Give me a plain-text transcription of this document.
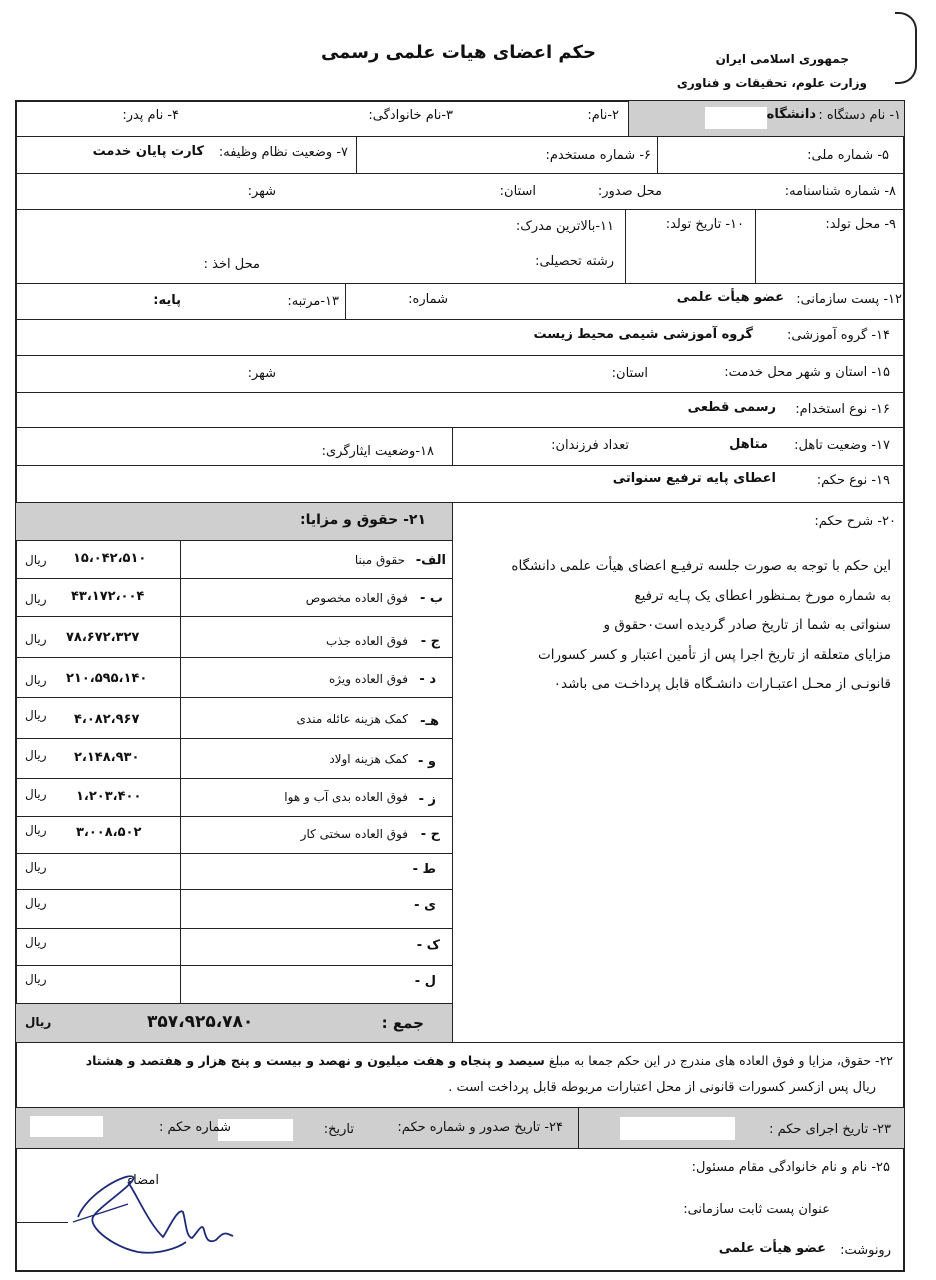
حکم اعضای هیات علمی رسمی	جمهوری اسلامی ایران
وزارت علوم، تحقیقات و فناوری
۱- نام دستگاه :
دانشگاه
۲-نام:
۳-نام خانوادگی:
۴- نام پدر:
۵- شماره ملی:
۶- شماره مستخدم:
۷- وضعیت نظام وظیفه:
کارت پایان خدمت
۸- شماره شناسنامه:
محل صدور:
استان:
شهر:
۹- محل تولد:
۱۰- تاریخ تولد:
۱۱-بالاترین مدرک:
رشته تحصیلی:
محل اخذ :
۱۲- پست سازمانی:
عضو هیأت علمی
شماره:
۱۳-مرتبه:
پایه:
۱۴- گروه آموزشی:
گروه آموزشی شیمی محیط زیست
۱۵- استان و شهر محل خدمت:
استان:
شهر:
۱۶- نوع استخدام:
رسمی قطعی
۱۷- وضعیت تاهل:
متاهل
تعداد فرزندان:
۱۸-وضعیت ایثارگری:
۱۹- نوع حکم:
اعطای پایه ترفیع سنواتی
۲۰- شرح حکم:
این حکم با توجه به صورت جلسه ترفیـع اعضای هیأت علمی دانشگاه
به شماره مورخ بمـنظور اعطای یک پـایه ترفیع
سنواتی به شما از تاریخ صادر گردیده است٠حقوق و
مزایای متعلقه از تاریخ اجرا پس از تأمین اعتبار و کسر کسورات
قانونـی از محـل اعتبـارات دانشـگاه قابل پرداخـت می باشد٠
۲۱- حقوق و مزایا:
الف-
حقوق مبنا
۱۵،۰۴۲،۵۱۰
ریال
ب -
فوق العاده مخصوص
۴۳،۱۷۲،۰۰۴
ریال
ج -
فوق العاده جذب
۷۸،۶۷۲،۳۲۷
ریال
د -
فوق العاده ویژه
۲۱۰،۵۹۵،۱۴۰
ریال
هـ-
کمک هزینه عائله مندی
۴،۰۸۲،۹۶۷
ریال
و -
کمک هزینه اولاد
۲،۱۴۸،۹۳۰
ریال
ز -
فوق العاده بدی آب و هوا
۱،۲۰۳،۴۰۰
ریال
ح -
فوق العاده سختی کار
۳،۰۰۸،۵۰۲
ریال
ط -
ریال
ی -
ریال
ک -
ریال
ل -
ریال
جمع :
۳۵۷،۹۲۵،۷۸۰
ریال
۲۲- حقوق، مزایا و فوق العاده های مندرج در این حکم جمعا به مبلغ سیصد و پنجاه و هفت میلیون و نهصد و بیست و پنج هزار و هفتصد و هشتاد
ریال پس ازکسر کسورات قانونی از محل اعتبارات مربوطه قابل پرداخت است .
۲۳- تاریخ اجرای حکم :
۲۴- تاریخ صدور و شماره حکم:
تاریخ:
شماره حکم :
۲۵- نام و نام خانوادگی مقام مسئول:
عنوان پست ثابت سازمانی:
امضاء
رونوشت:
عضو هیأت علمی
